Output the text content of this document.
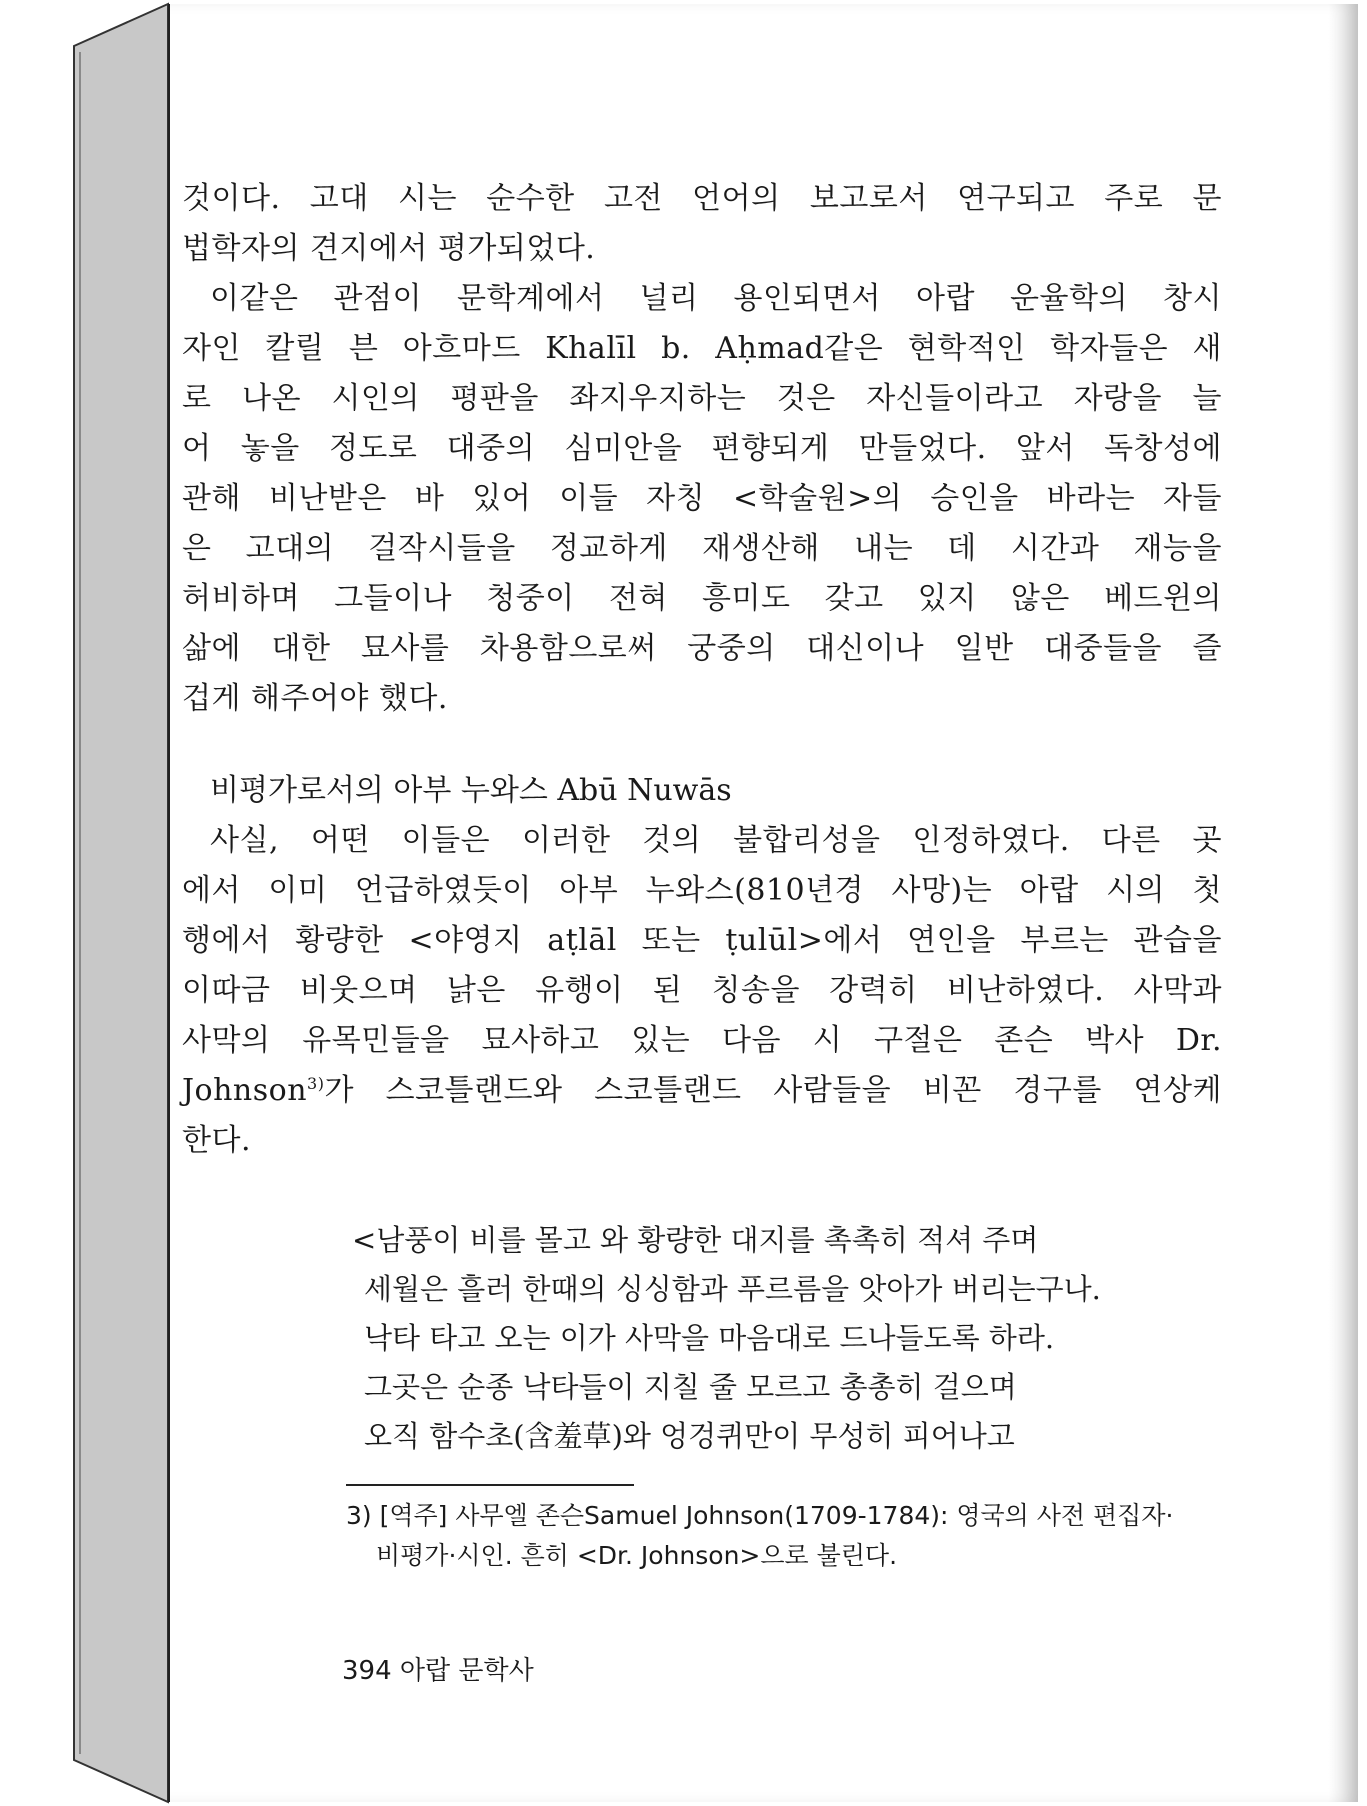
것이다. 고대 시는 순수한 고전 언어의 보고로서 연구되고 주로 문
법학자의 견지에서 평가되었다.
이같은 관점이 문학계에서 널리 용인되면서 아랍 운율학의 창시
자인 칼릴 븐 아흐마드 Khalīl b. Aḥmad같은 현학적인 학자들은 새
로 나온 시인의 평판을 좌지우지하는 것은 자신들이라고 자랑을 늘
어 놓을 정도로 대중의 심미안을 편향되게 만들었다. 앞서 독창성에
관해 비난받은 바 있어 이들 자칭 <학술원>의 승인을 바라는 자들
은 고대의 걸작시들을 정교하게 재생산해 내는 데 시간과 재능을
허비하며 그들이나 청중이 전혀 흥미도 갖고 있지 않은 베드윈의
삶에 대한 묘사를 차용함으로써 궁중의 대신이나 일반 대중들을 즐
겁게 해주어야 했다.
비평가로서의 아부 누와스 Abū Nuwās
사실, 어떤 이들은 이러한 것의 불합리성을 인정하였다. 다른 곳
에서 이미 언급하였듯이 아부 누와스(810년경 사망)는 아랍 시의 첫
행에서 황량한 <야영지 aṭlāl 또는 ṭulūl>에서 연인을 부르는 관습을
이따금 비웃으며 낡은 유행이 된 칭송을 강력히 비난하였다. 사막과
사막의 유목민들을 묘사하고 있는 다음 시 구절은 존슨 박사 Dr.
Johnson$^{3)}$가 스코틀랜드와 스코틀랜드 사람들을 비꼰 경구를 연상케
한다.
<남풍이 비를 몰고 와 황량한 대지를 촉촉히 적셔 주며
세월은 흘러 한때의 싱싱함과 푸르름을 앗아가 버리는구나.
낙타 타고 오는 이가 사막을 마음대로 드나들도록 하라.
그곳은 순종 낙타들이 지칠 줄 모르고 총총히 걸으며
오직 함수초(含羞草)와 엉겅퀴만이 무성히 피어나고
3) [역주] 사무엘 존슨Samuel Johnson(1709-1784): 영국의 사전 편집자·
비평가·시인. 흔히 <Dr. Johnson>으로 불린다.
394 아랍 문학사
